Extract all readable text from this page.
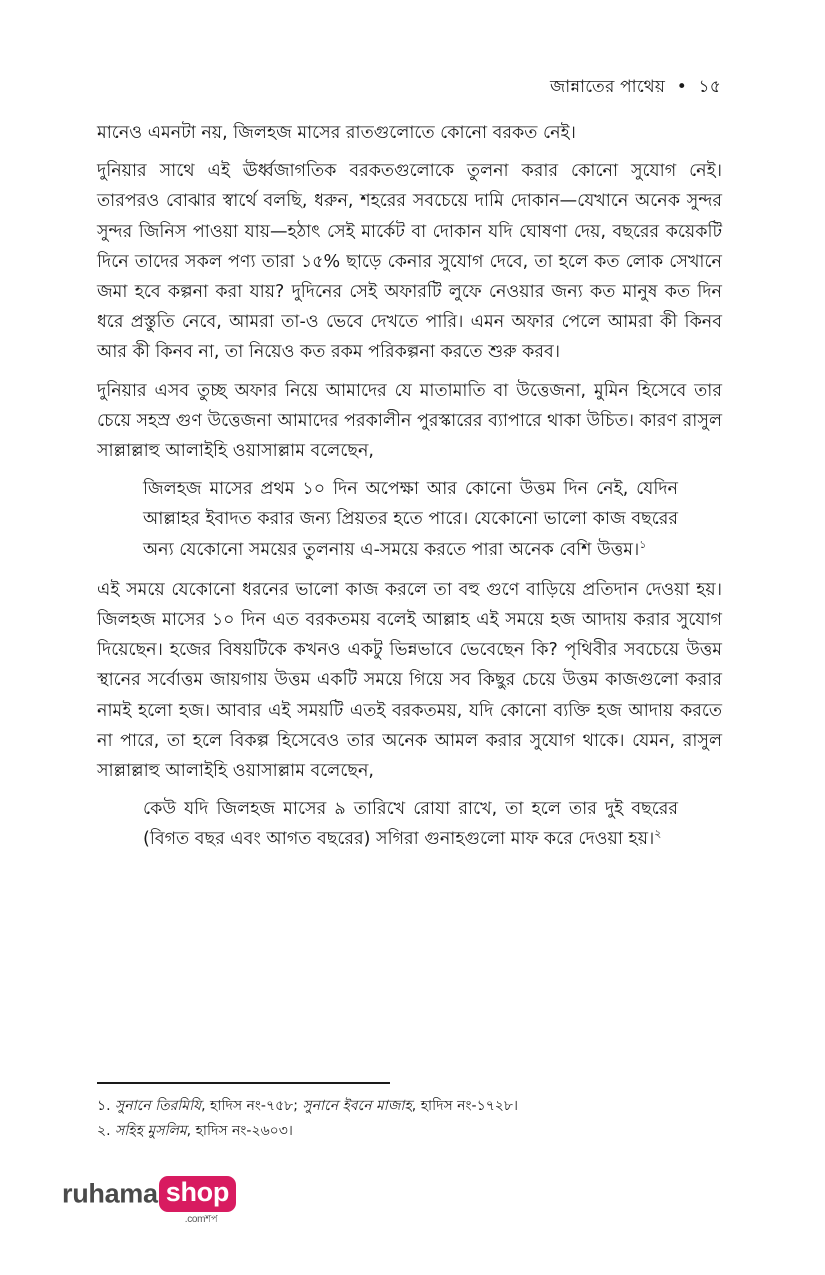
জান্নাতের পাথেয় • ১৫

মানেও এমনটা নয়, জিলহজ মাসের রাতগুলোতে কোনো বরকত নেই।

দুনিয়ার সাথে এই ঊর্ধ্বজাগতিক বরকতগুলোকে তুলনা করার কোনো সুযোগ নেই। তারপরও বোঝার স্বার্থে বলছি, ধরুন, শহরের সবচেয়ে দামি দোকান—যেখানে অনেক সুন্দর সুন্দর জিনিস পাওয়া যায়—হঠাৎ সেই মার্কেট বা দোকান যদি ঘোষণা দেয়, বছরের কয়েকটি দিনে তাদের সকল পণ্য তারা ১৫% ছাড়ে কেনার সুযোগ দেবে, তা হলে কত লোক সেখানে জমা হবে কল্পনা করা যায়? দুদিনের সেই অফারটি লুফে নেওয়ার জন্য কত মানুষ কত দিন ধরে প্রস্তুতি নেবে, আমরা তা-ও ভেবে দেখতে পারি। এমন অফার পেলে আমরা কী কিনব আর কী কিনব না, তা নিয়েও কত রকম পরিকল্পনা করতে শুরু করব।

দুনিয়ার এসব তুচ্ছ অফার নিয়ে আমাদের যে মাতামাতি বা উত্তেজনা, মুমিন হিসেবে তার চেয়ে সহস্র গুণ উত্তেজনা আমাদের পরকালীন পুরস্কারের ব্যাপারে থাকা উচিত। কারণ রাসুল সাল্লাল্লাহু আলাইহি ওয়াসাল্লাম বলেছেন,

জিলহজ মাসের প্রথম ১০ দিন অপেক্ষা আর কোনো উত্তম দিন নেই, যেদিন আল্লাহর ইবাদত করার জন্য প্রিয়তর হতে পারে। যেকোনো ভালো কাজ বছরের অন্য যেকোনো সময়ের তুলনায় এ-সময়ে করতে পারা অনেক বেশি উত্তম।$^১$

এই সময়ে যেকোনো ধরনের ভালো কাজ করলে তা বহু গুণে বাড়িয়ে প্রতিদান দেওয়া হয়। জিলহজ মাসের ১০ দিন এত বরকতময় বলেই আল্লাহ এই সময়ে হজ আদায় করার সুযোগ দিয়েছেন। হজের বিষয়টিকে কখনও একটু ভিন্নভাবে ভেবেছেন কি? পৃথিবীর সবচেয়ে উত্তম স্থানের সর্বোত্তম জায়গায় উত্তম একটি সময়ে গিয়ে সব কিছুর চেয়ে উত্তম কাজগুলো করার নামই হলো হজ। আবার এই সময়টি এতই বরকতময়, যদি কোনো ব্যক্তি হজ আদায় করতে না পারে, তা হলে বিকল্প হিসেবেও তার অনেক আমল করার সুযোগ থাকে। যেমন, রাসুল সাল্লাল্লাহু আলাইহি ওয়াসাল্লাম বলেছেন,

কেউ যদি জিলহজ মাসের ৯ তারিখে রোযা রাখে, তা হলে তার দুই বছরের (বিগত বছর এবং আগত বছরের) সগিরা গুনাহগুলো মাফ করে দেওয়া হয়।$^২$

১. সুনানে তিরমিযি, হাদিস নং-৭৫৮; সুনানে ইবনে মাজাহ, হাদিস নং-১৭২৮।

২. সহিহ মুসলিম, হাদিস নং-২৬০৩।

ruhama shop
.comশপ
